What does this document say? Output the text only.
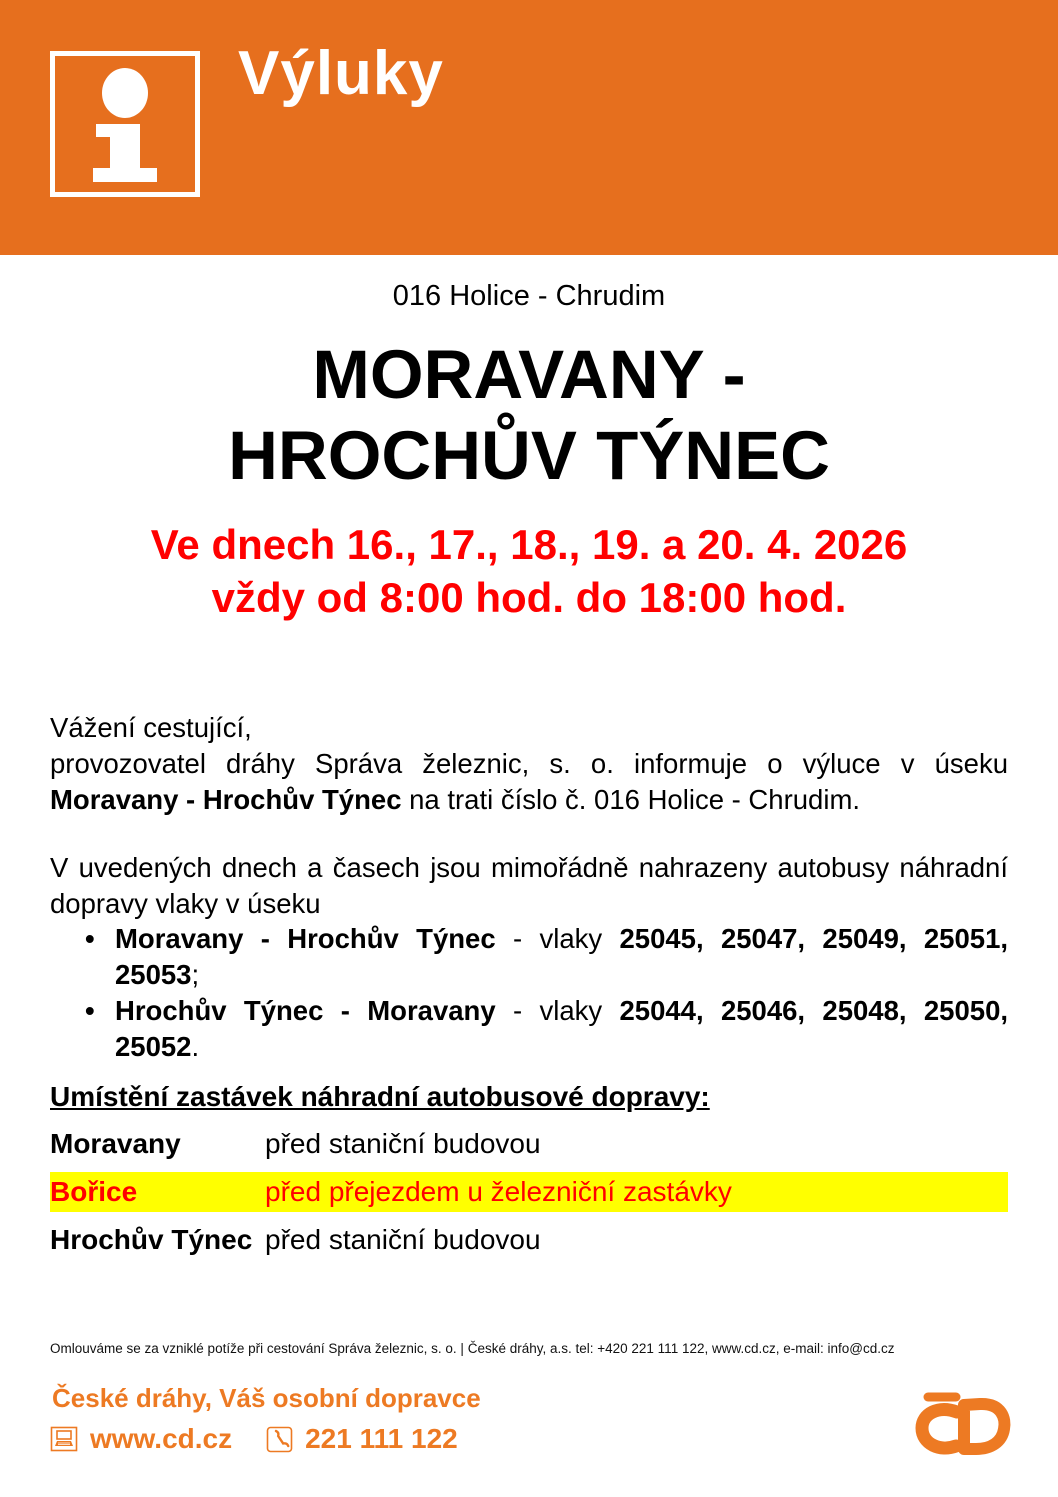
Výluky
016 Holice - Chrudim
MORAVANY -
HROCHŮV TÝNEC
Ve dnech 16., 17., 18., 19. a 20. 4. 2026
vždy od 8:00 hod. do 18:00 hod.
Vážení cestující,
provozovatel dráhy Správa železnic, s. o. informuje o výluce v úseku Moravany - Hrochův Týnec na trati číslo č. 016 Holice - Chrudim.
V uvedených dnech a časech jsou mimořádně nahrazeny autobusy náhradní dopravy vlaky v úseku
• Moravany - Hrochův Týnec - vlaky 25045, 25047, 25049, 25051, 25053;
• Hrochův Týnec - Moravany - vlaky 25044, 25046, 25048, 25050, 25052.
Umístění zastávek náhradní autobusové dopravy:
Moravany	před staniční budovou
Bořice	před přejezdem u železniční zastávky
Hrochův Týnec před staniční budovou
Omlouváme se za vzniklé potíže při cestování Správa železnic, s. o. | České dráhy, a.s. tel: +420 221 111 122, www.cd.cz, e-mail: info@cd.cz
České dráhy, Váš osobní dopravce
www.cd.cz	221 111 122
